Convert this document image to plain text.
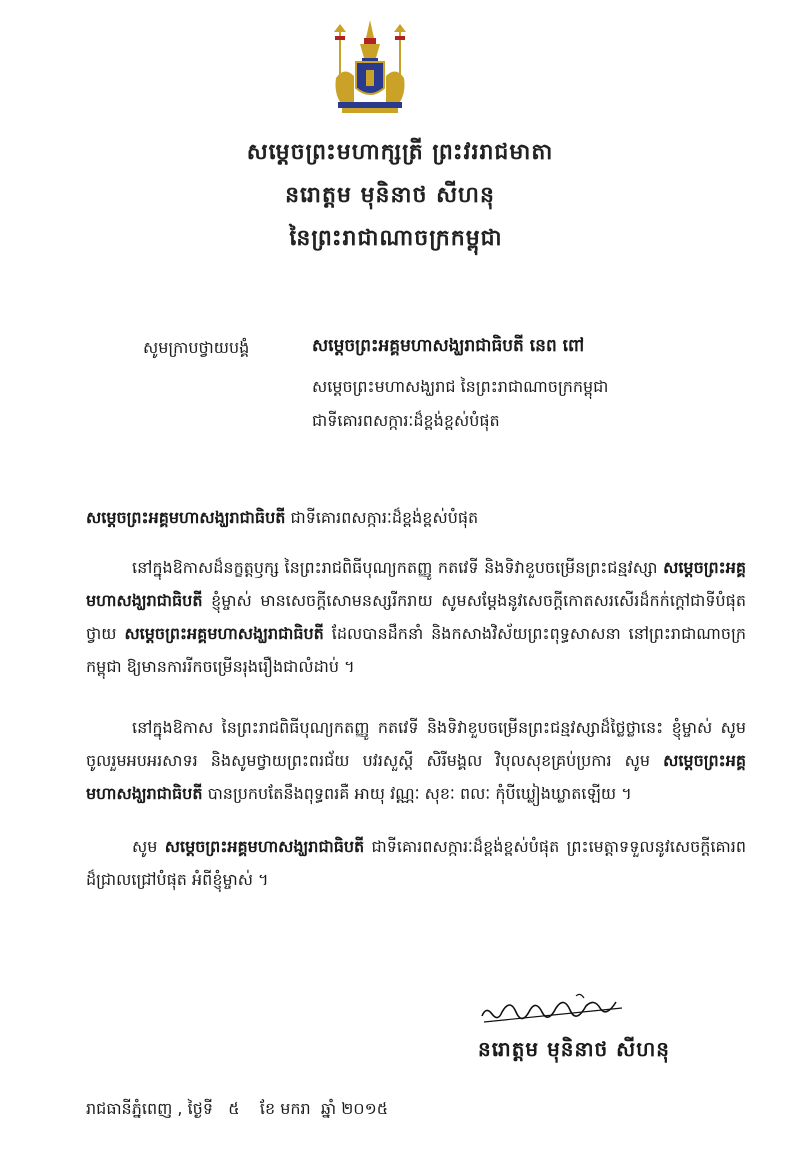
សម្តេចព្រះមហាក្សត្រី ព្រះវររាជមាតា
នរោត្តម មុនិនាថ សីហនុ
នៃព្រះរាជាណាចក្រកម្ពុជា
សូមក្រាបថ្វាយបង្គំ	សម្តេចព្រះអគ្គមហាសង្ឃរាជាធិបតី នេព ពៅ
សម្តេចព្រះមហាសង្ឃរាជ នៃព្រះរាជាណាចក្រកម្ពុជា
ជាទីគោរពសក្ការៈដ៏ខ្ពង់ខ្ពស់បំផុត
សម្តេចព្រះអគ្គមហាសង្ឃរាជាធិបតី ជាទីគោរពសក្ការៈដ៏ខ្ពង់ខ្ពស់បំផុត
នៅក្នុងឱកាសដ៏នក្ខត្តឫក្ស នៃព្រះរាជពិធីបុណ្យកតញ្ញូ កតវេទី និងទិវាខួបចម្រើនព្រះជន្មវស្សា សម្តេចព្រះអគ្គមហាសង្ឃរាជាធិបតី ខ្ញុំម្ចាស់ មានសេចក្តីសោមនស្សរីករាយ សូមសម្តែងនូវសេចក្តីកោតសរសើរដ៏កក់ក្តៅជាទីបំផុតថ្វាយ សម្តេចព្រះអគ្គមហាសង្ឃរាជាធិបតី ដែលបានដឹកនាំ និងកសាងវិស័យព្រះពុទ្ធសាសនា នៅព្រះរាជាណាចក្រកម្ពុជា ឱ្យមានការរីកចម្រើនរុងរឿងជាលំដាប់ ។
នៅក្នុងឱកាស នៃព្រះរាជពិធីបុណ្យកតញ្ញូ កតវេទី និងទិវាខួបចម្រើនព្រះជន្មវស្សាដ៏ថ្លៃថ្លានេះ ខ្ញុំម្ចាស់ សូមចូលរួមអបអរសាទរ និងសូមថ្វាយព្រះពរជ័យ បវរសួស្តី សិរីមង្គល វិបុលសុខគ្រប់ប្រការ សូម សម្តេចព្រះអគ្គមហាសង្ឃរាជាធិបតី បានប្រកបតែនឹងពុទ្ធពរគឺ អាយុ វណ្ណៈ សុខៈ ពលៈ កុំបីឃ្លៀងឃ្លាតឡើយ ។
សូម សម្តេចព្រះអគ្គមហាសង្ឃរាជាធិបតី ជាទីគោរពសក្ការៈដ៏ខ្ពង់ខ្ពស់បំផុត ព្រះមេត្តាទទួលនូវសេចក្តីគោរពដ៏ជ្រាលជ្រៅបំផុត អំពីខ្ញុំម្ចាស់ ។
នរោត្តម មុនិនាថ សីហនុ
រាជធានីភ្នំពេញ , ថ្ងៃទី   ៥    ខែ មករា  ឆ្នាំ ២០១៥
